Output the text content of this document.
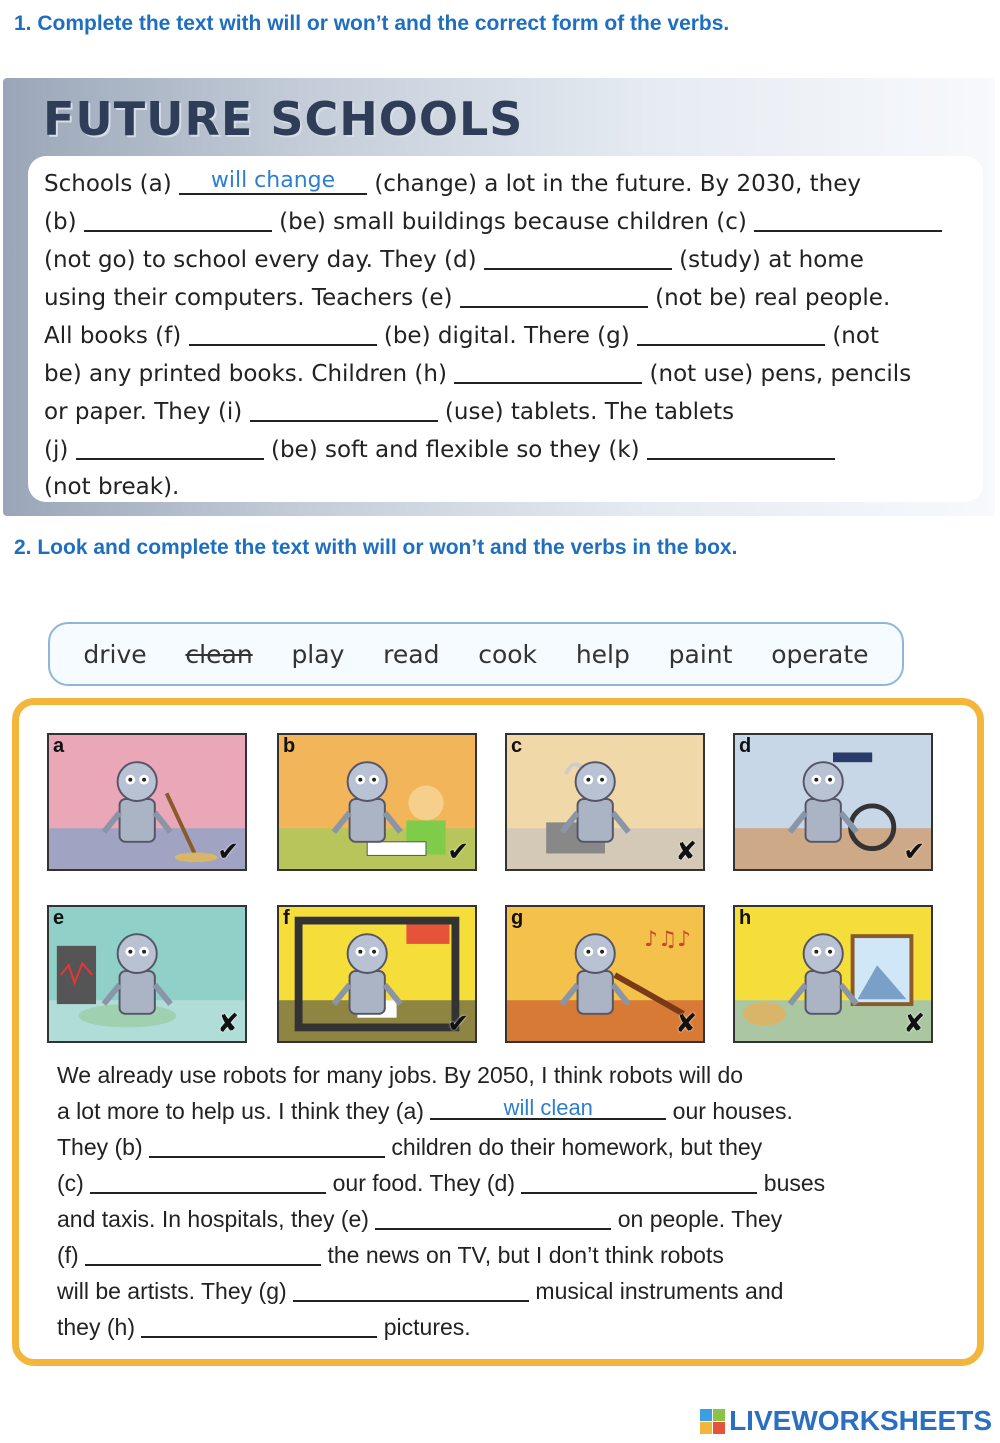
1. Complete the text with will or won’t and the correct form of the verbs.
FUTURE SCHOOLS
Schools (a) will change (change) a lot in the future. By 2030, they
(b)	(be) small buildings because children (c)
(not go) to school every day. They (d)	(study) at home
using their computers. Teachers (e)	(not be) real people.
All books (f)	(be) digital. There (g)	(not
be) any printed books. Children (h)	(not use) pens, pencils
or paper. They (i)	(use) tablets. The tablets
(j)	(be) soft and flexible so they (k)
(not break).
2. Look and complete the text with will or won’t and the verbs in the box.
drive clean play read cook help paint operate
a
✔
b
✔
c
✘
d
✔
e
✘
f
✔
♪♫♪
g
✘
h
✘
We already use robots for many jobs. By 2050, I think robots will do
a lot more to help us. I think they (a)	will clean	our houses.
They (b)	children do their homework, but they
(c)	our food. They (d)	buses
and taxis. In hospitals, they (e)	on people. They
(f)	the news on TV, but I don’t think robots
will be artists. They (g)	musical instruments and
they (h)	pictures.
LIVEWORKSHEETS
